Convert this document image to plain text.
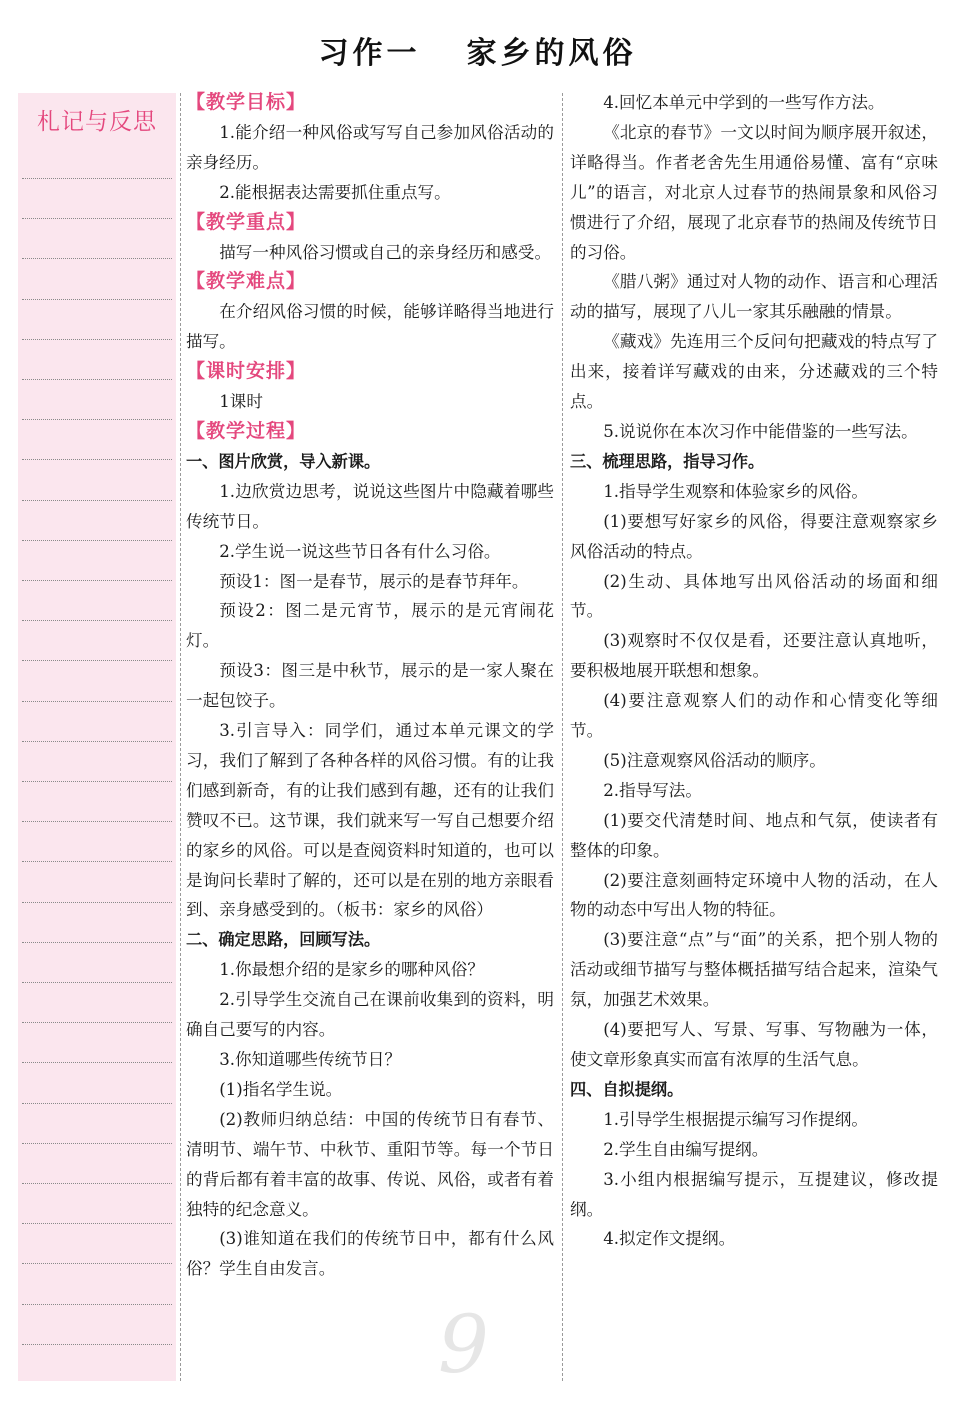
习作一 家乡的风俗
札记与反思
9

【教学目标】

1.能介绍一种风俗或写写自己参加风俗活动的亲身经历。

2.能根据表达需要抓住重点写。

【教学重点】

描写一种风俗习惯或自己的亲身经历和感受。

【教学难点】

在介绍风俗习惯的时候，能够详略得当地进行描写。

【课时安排】

1课时

【教学过程】

一、图片欣赏，导入新课。

1.边欣赏边思考，说说这些图片中隐藏着哪些传统节日。

2.学生说一说这些节日各有什么习俗。

预设1：图一是春节，展示的是春节拜年。

预设2：图二是元宵节，展示的是元宵闹花灯。

预设3：图三是中秋节，展示的是一家人聚在一起包饺子。

3.引言导入：同学们，通过本单元课文的学习，我们了解到了各种各样的风俗习惯。有的让我们感到新奇，有的让我们感到有趣，还有的让我们赞叹不已。这节课，我们就来写一写自己想要介绍的家乡的风俗。可以是查阅资料时知道的，也可以是询问长辈时了解的，还可以是在别的地方亲眼看到、亲身感受到的。（板书：家乡的风俗）

二、确定思路，回顾写法。

1.你最想介绍的是家乡的哪种风俗？

2.引导学生交流自己在课前收集到的资料，明确自己要写的内容。

3.你知道哪些传统节日？

(1)指名学生说。

(2)教师归纳总结：中国的传统节日有春节、清明节、端午节、中秋节、重阳节等。每一个节日的背后都有着丰富的故事、传说、风俗，或者有着独特的纪念意义。

(3)谁知道在我们的传统节日中，都有什么风俗？学生自由发言。

4.回忆本单元中学到的一些写作方法。

《北京的春节》一文以时间为顺序展开叙述，详略得当。作者老舍先生用通俗易懂、富有“京味儿”的语言，对北京人过春节的热闹景象和风俗习惯进行了介绍，展现了北京春节的热闹及传统节日的习俗。

《腊八粥》通过对人物的动作、语言和心理活动的描写，展现了八儿一家其乐融融的情景。

《藏戏》先连用三个反问句把藏戏的特点写了出来，接着详写藏戏的由来，分述藏戏的三个特点。

5.说说你在本次习作中能借鉴的一些写法。

三、梳理思路，指导习作。

1.指导学生观察和体验家乡的风俗。

(1)要想写好家乡的风俗，得要注意观察家乡风俗活动的特点。

(2)生动、具体地写出风俗活动的场面和细节。

(3)观察时不仅仅是看，还要注意认真地听，要积极地展开联想和想象。

(4)要注意观察人们的动作和心情变化等细节。

(5)注意观察风俗活动的顺序。

2.指导写法。

(1)要交代清楚时间、地点和气氛，使读者有整体的印象。

(2)要注意刻画特定环境中人物的活动，在人物的动态中写出人物的特征。

(3)要注意“点”与“面”的关系，把个别人物的活动或细节描写与整体概括描写结合起来，渲染气氛，加强艺术效果。

(4)要把写人、写景、写事、写物融为一体，使文章形象真实而富有浓厚的生活气息。

四、自拟提纲。

1.引导学生根据提示编写习作提纲。

2.学生自由编写提纲。

3.小组内根据编写提示，互提建议，修改提纲。

4.拟定作文提纲。
